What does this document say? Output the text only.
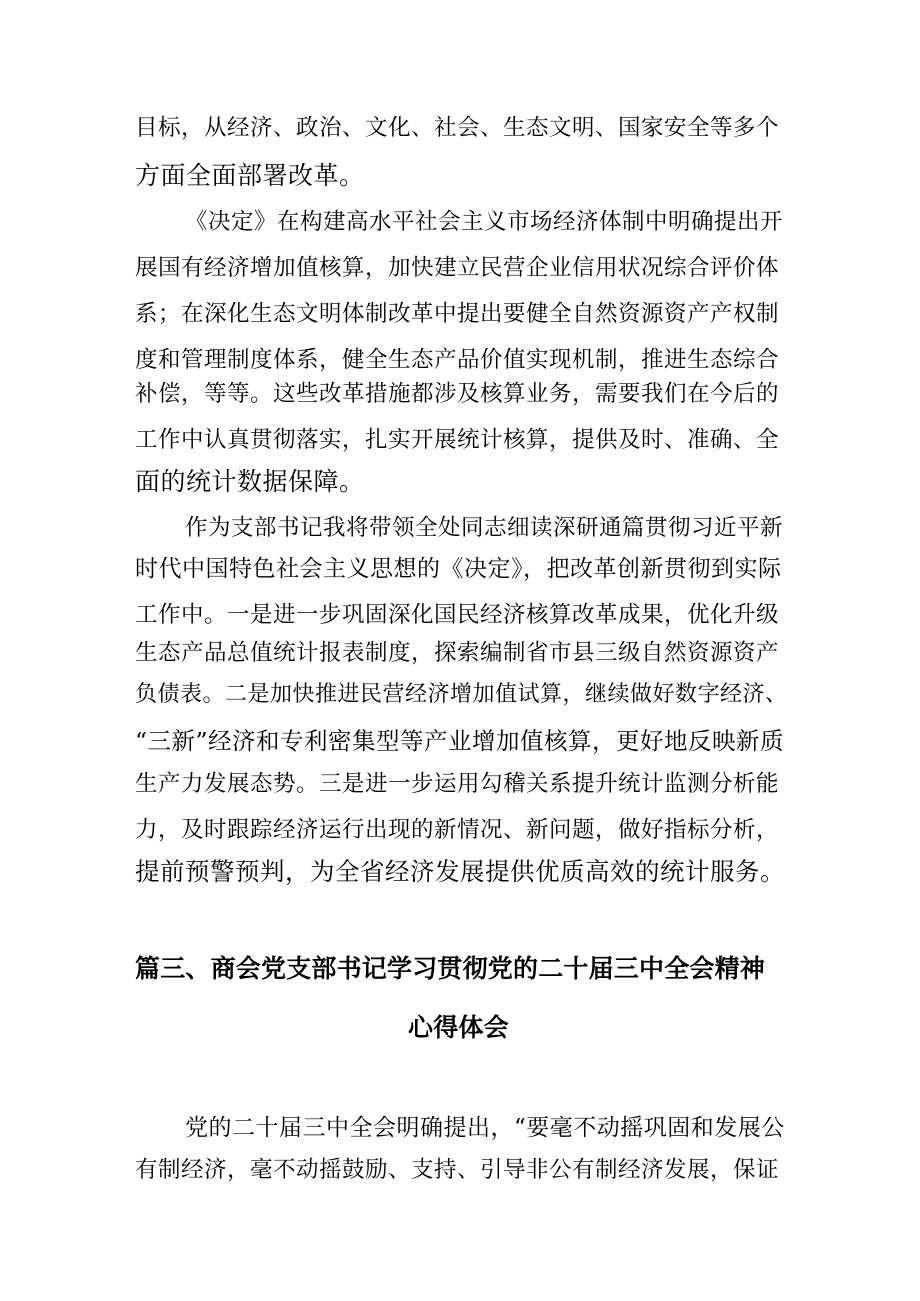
目标，从经济、政治、文化、社会、生态文明、国家安全等多个

方面全面部署改革。

《决定》在构建高水平社会主义市场经济体制中明确提出开

展国有经济增加值核算，加快建立民营企业信用状况综合评价体

系；在深化生态文明体制改革中提出要健全自然资源资产产权制

度和管理制度体系，健全生态产品价值实现机制，推进生态综合

补偿，等等。这些改革措施都涉及核算业务，需要我们在今后的

工作中认真贯彻落实，扎实开展统计核算，提供及时、准确、全

面的统计数据保障。

作为支部书记我将带领全处同志细读深研通篇贯彻习近平新

时代中国特色社会主义思想的《决定》，把改革创新贯彻到实际

工作中。一是进一步巩固深化国民经济核算改革成果，优化升级

生态产品总值统计报表制度，探索编制省市县三级自然资源资产

负债表。二是加快推进民营经济增加值试算，继续做好数字经济、

“三新”经济和专利密集型等产业增加值核算，更好地反映新质

生产力发展态势。三是进一步运用勾稽关系提升统计监测分析能

力，及时跟踪经济运行出现的新情况、新问题，做好指标分析，

提前预警预判，为全省经济发展提供优质高效的统计服务。

篇三、商会党支部书记学习贯彻党的二十届三中全会精神
心得体会

党的二十届三中全会明确提出，“要毫不动摇巩固和发展公

有制经济，毫不动摇鼓励、支持、引导非公有制经济发展，保证
